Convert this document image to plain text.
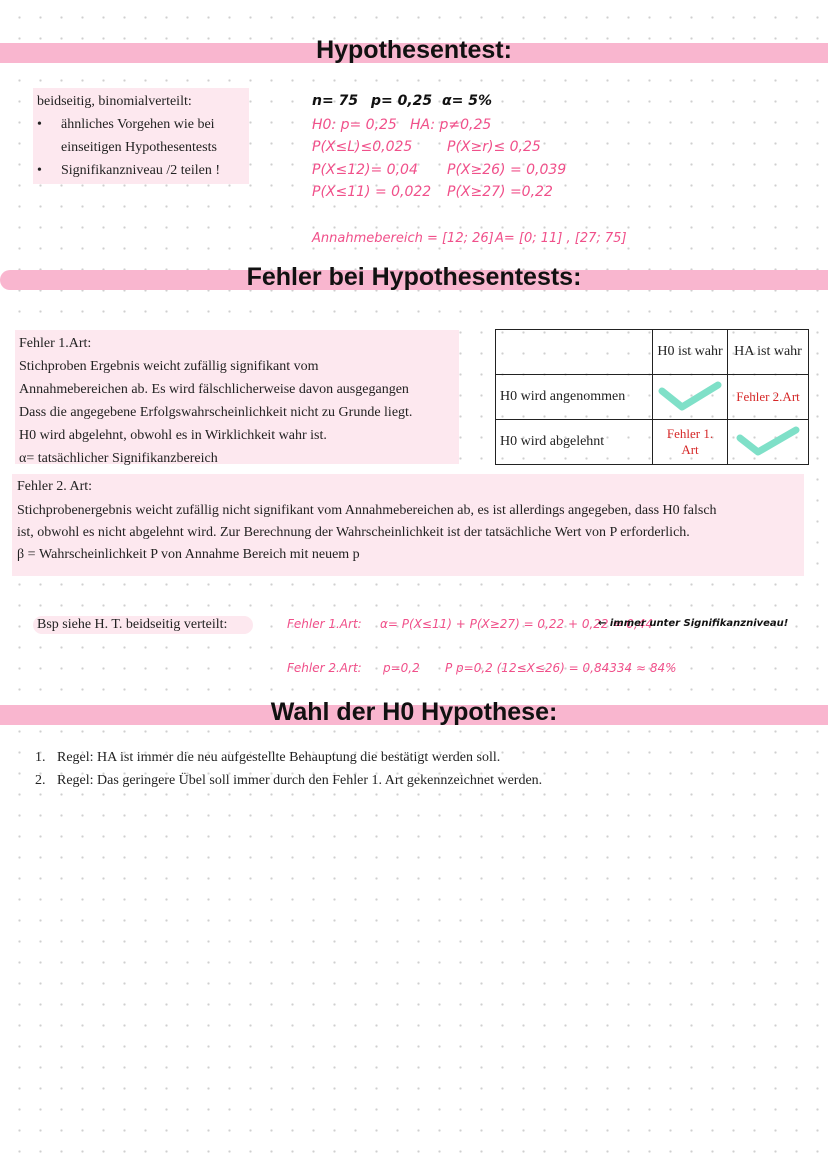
Hypothesentest:
beidseitig, binomialverteilt:
• ähnliches Vorgehen wie bei
einseitigen Hypothesentests
• Signifikanzniveau /2 teilen !
n= 75 p= 0,25 α= 5%
H0: p= 0,25 HA: p≠0,25
P(X≤L)≤0,025 P(X≥r)≤ 0,25
P(X≤12)= 0,04 P(X≥26) = 0,039
P(X≤11) = 0,022 P(X≥27) =0,22
Annahmebereich = [12; 26] A= [0; 11] , [27; 75]
Fehler bei Hypothesentests:
Fehler 1.Art:
Stichproben Ergebnis weicht zufällig signifikant vom
Annahmebereichen ab. Es wird fälschlicherweise davon ausgegangen
Dass die angegebene Erfolgswahrscheinlichkeit nicht zu Grunde liegt.
H0 wird abgelehnt, obwohl es in Wirklichkeit wahr ist.
α= tatsächlicher Signifikanzbereich
	H0 ist wahr	HA ist wahr
H0 wird angenommen		Fehler 2.Art
H0 wird abgelehnt	Fehler 1. Art	
Fehler 2. Art:
Stichprobenergebnis weicht zufällig nicht signifikant vom Annahmebereichen ab, es ist allerdings angegeben, dass H0 falsch
ist, obwohl es nicht abgelehnt wird. Zur Berechnung der Wahrscheinlichkeit ist der tatsächliche Wert von P erforderlich.
β = Wahrscheinlichkeit P von Annahme Bereich mit neuem p
Bsp siehe H. T. beidseitig verteilt:	Fehler 1.Art: α= P(X≤11) + P(X≥27) = 0,22 + 0,22 = 0,44
← immer unter Signifikanzniveau!
Fehler 2.Art: p=0,2 P p=0,2 (12≤X≤26) = 0,84334 ≈ 84%
Wahl der H0 Hypothese:
1. Regel: HA ist immer die neu aufgestellte Behauptung die bestätigt werden soll.
2. Regel: Das geringere Übel soll immer durch den Fehler 1. Art gekennzeichnet werden.
